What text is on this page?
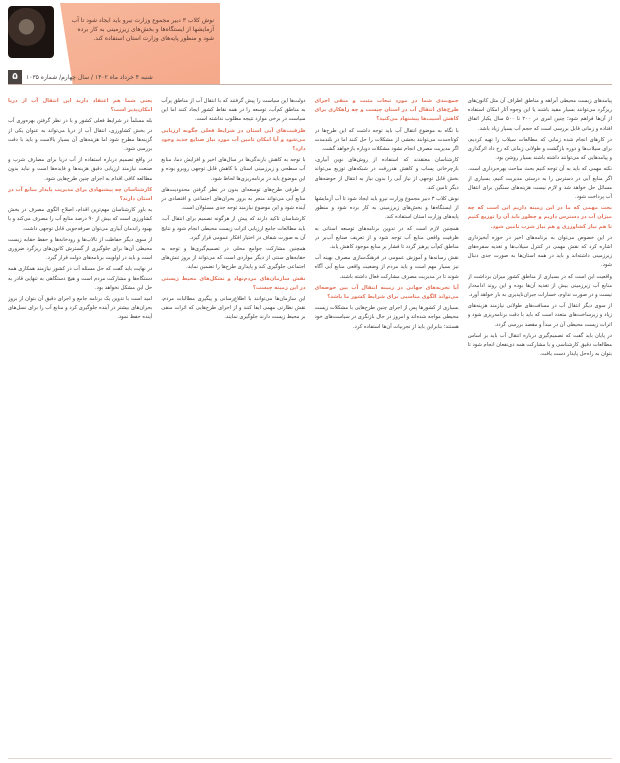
نوش کلاب ۳ دبیر مجموع وزارت نیرو باید ایجاد شود تا آب آزمایشها از ایستگاه‌ها و بخش‌های زیرزمینی به کار برده شود و منظور پایه‌های وزارت استان استفاده کند.
۵	شنبه ۴ خرداد ماه ۱۴۰۲ / سال چهارم/ شماره ۱۰۳۵

پیامدهای زیست محیطی آبراهه و مناطق اطراف آن مثل کانون‌های ریزگرد می‌توانند بسیار مفید باشند یا این وجوه آثار امکان استفاده از آن‌ها فراهم شود؛ چنین امری در ۲۰۰ تا ۵۰۰ سال یکبار اتفاق افتاده و زمانی قابل بررسی است که حجم آب بسیار زیاد باشد.

در کارهای انجام شده زمانی که مطالعات سیلاب را تهیه کردیم، برای سیلاب‌ها و دوره بازگشت و طولانی زمانی که رخ داد اثرگذاری و پیامدهایی که می‌توانند داشته باشند بسیار روشن بود.

نکته مهمی که باید به آن توجه کنیم بحث مباحث بهره‌برداری است. اگر منابع آبی در دسترس را به درستی مدیریت کنیم، بسیاری از مسائل حل خواهد شد و لازم نیست هزینه‌های سنگین برای انتقال آب پرداخت شود.

بحث مهمی که ما در این زمینه داریم این است که چه میزان آب در دسترس داریم و چطور باید آن را توزیع کنیم تا هم نیاز کشاورزی و هم نیاز شرب تامین شود.

در این خصوص می‌توان به برنامه‌های اخیر در حوزه آبخیزداری اشاره کرد که نقش مهمی در کنترل سیلاب‌ها و تغذیه سفره‌های زیرزمینی داشته‌اند و باید در همه استان‌ها به صورت جدی دنبال شود.

واقعیت این است که در بسیاری از مناطق کشور میزان برداشت از منابع آب زیرزمینی بیش از تغذیه آن‌ها بوده و این روند ادامه‌دار نیست و در صورت تداوم، خسارات جبران‌ناپذیری به بار خواهد آورد.

از سوی دیگر انتقال آب در مسافت‌های طولانی نیازمند هزینه‌های زیاد و زیرساخت‌های متعدد است که باید با دقت برنامه‌ریزی شود و اثرات زیست محیطی آن در مبدأ و مقصد بررسی گردد.

در پایان باید گفت که تصمیم‌گیری درباره انتقال آب باید بر اساس مطالعات دقیق کارشناسی و با مشارکت همه ذی‌نفعان انجام شود تا بتوان به راه‌حل پایدار دست یافت.

جمع‌بندی شما در مورد تبعات مثبت و منفی اجرای طرح‌های انتقال آب در استان چیست و چه راهکاری برای کاهش آسیب‌ها پیشنهاد می‌کنید؟

با نگاه به موضوع انتقال آب باید توجه داشت که این طرح‌ها در کوتاه‌مدت می‌توانند بخشی از مشکلات را حل کنند اما در بلندمدت اگر مدیریت مصرف انجام نشود مشکلات دوباره بازخواهد گشت.

کارشناسان معتقدند که استفاده از روش‌های نوین آبیاری، بازچرخانی پساب و کاهش هدررفت در شبکه‌های توزیع می‌تواند بخش قابل توجهی از نیاز آبی را بدون نیاز به انتقال از حوضه‌های دیگر تامین کند.

نوش کلاب ۳ دبیر مجموع وزارت نیرو باید ایجاد شود تا آب آزمایشها از ایستگاه‌ها و بخش‌های زیرزمینی به کار برده شود و منظور پایه‌های وزارت استان استفاده کند.

همچنین لازم است که در تدوین برنامه‌های توسعه استانی به ظرفیت واقعی منابع آب توجه شود و از تعریف صنایع آب‌بر در مناطق کم‌آب پرهیز گردد تا فشار بر منابع موجود کاهش یابد.

نقش رسانه‌ها و آموزش عمومی در فرهنگ‌سازی مصرف بهینه آب نیز بسیار مهم است و باید مردم از وضعیت واقعی منابع آبی آگاه شوند تا در مدیریت مصرف مشارکت فعال داشته باشند.

آیا تجربه‌های جهانی در زمینه انتقال آب بین حوضه‌ای می‌تواند الگوی مناسبی برای شرایط کشور ما باشد؟

بسیاری از کشورها پس از اجرای چنین طرح‌هایی با مشکلات زیست محیطی مواجه شده‌اند و امروز در حال بازنگری در سیاست‌های خود هستند؛ بنابراین باید از تجربیات آن‌ها استفاده کرد.

دولت‌ها این سیاست را پیش گرفتند که با انتقال آب از مناطق پرآب به مناطق کم‌آب، توسعه را در همه نقاط کشور ایجاد کنند اما این سیاست در برخی موارد نتیجه مطلوب نداشته است.

ظرفیت‌های آبی استان در شرایط فعلی چگونه ارزیابی می‌شود و آیا امکان تامین آب مورد نیاز صنایع جدید وجود دارد؟

با توجه به کاهش بارندگی‌ها در سال‌های اخیر و افزایش دما، منابع آب سطحی و زیرزمینی استان با کاهش قابل توجهی روبرو بوده و این موضوع باید در برنامه‌ریزی‌ها لحاظ شود.

از طرفی طرح‌های توسعه‌ای بدون در نظر گرفتن محدودیت‌های منابع آبی می‌تواند منجر به بروز بحران‌های اجتماعی و اقتصادی در آینده شود و این موضوع نیازمند توجه جدی مسئولان است.

کارشناسان تاکید دارند که پیش از هرگونه تصمیم برای انتقال آب، باید مطالعات جامع ارزیابی اثرات زیست محیطی انجام شود و نتایج آن به صورت شفاف در اختیار افکار عمومی قرار گیرد.

همچنین مشارکت جوامع محلی در تصمیم‌گیری‌ها و توجه به حقابه‌های سنتی از دیگر مواردی است که می‌تواند از بروز تنش‌های اجتماعی جلوگیری کند و پایداری طرح‌ها را تضمین نماید.

نقش سازمان‌های مردم‌نهاد و تشکل‌های محیط زیستی در این زمینه چیست؟

این سازمان‌ها می‌توانند با اطلاع‌رسانی و پیگیری مطالبات مردم، نقش نظارتی مهمی ایفا کنند و از اجرای طرح‌هایی که اثرات منفی بر محیط زیست دارند جلوگیری نمایند.

یعنی شما هم اعتقاد دارید این انتقال آب از دریا امکان‌پذیر است؟

بله مسلماً در شرایط فعلی کشور و با در نظر گرفتن بهره‌وری آب در بخش کشاورزی، انتقال آب از دریا می‌تواند به عنوان یکی از گزینه‌ها مطرح شود اما هزینه‌های آن بسیار بالاست و باید با دقت بررسی شود.

در واقع تصمیم درباره استفاده از آب دریا برای مصارف شرب و صنعت نیازمند ارزیابی دقیق هزینه‌ها و فایده‌ها است و نباید بدون مطالعه کافی اقدام به اجرای چنین طرح‌هایی شود.

کارشناسان چه پیشنهادی برای مدیریت پایدار منابع آب در استان دارند؟

به باور کارشناسان مهم‌ترین اقدام، اصلاح الگوی مصرف در بخش کشاورزی است که بیش از ۹۰ درصد منابع آب را مصرف می‌کند و با بهبود راندمان آبیاری می‌توان صرفه‌جویی قابل توجهی داشت.

از سوی دیگر حفاظت از تالاب‌ها و رودخانه‌ها و حفظ حقابه زیست محیطی آن‌ها برای جلوگیری از گسترش کانون‌های ریزگرد ضروری است و باید در اولویت برنامه‌های دولت قرار گیرد.

در نهایت باید گفت که حل مسئله آب در کشور نیازمند همکاری همه دستگاه‌ها و مشارکت مردم است و هیچ دستگاهی به تنهایی قادر به حل این مشکل نخواهد بود.

امید است با تدوین یک برنامه جامع و اجرای دقیق آن بتوان از بروز بحران‌های بیشتر در آینده جلوگیری کرد و منابع آب را برای نسل‌های آینده حفظ نمود.
